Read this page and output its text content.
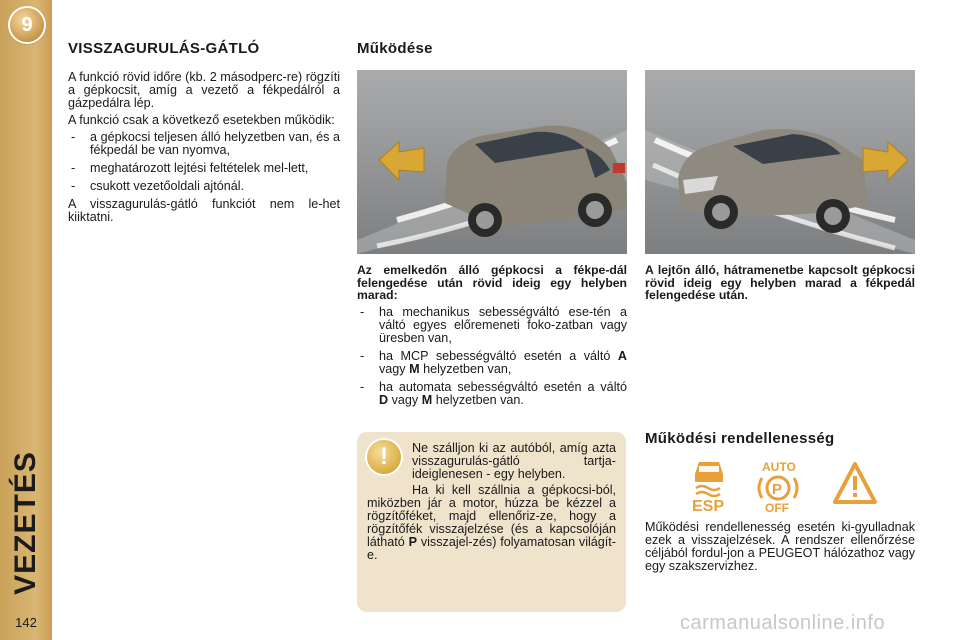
9
VEZETÉS
142
VISSZAGURULÁS-GÁTLÓ

A funkció rövid időre (kb. 2 másodperc-re) rögzíti a gépkocsit, amíg a vezető a fékpedálról a gázpedálra lép.

A funkció csak a következő esetekben működik:

- a gépkocsi teljesen álló helyzetben van, és a fékpedál be van nyomva,
- meghatározott lejtési feltételek mel-lett,
- csukott vezetőoldali ajtónál.

A visszagurulás-gátló funkciót nem le-het kiiktatni.

Működése
Az emelkedőn álló gépkocsi a fékpe-dál felengedése után rövid ideig egy helyben marad:
A lejtőn álló, hátramenetbe kapcsolt gépkocsi rövid ideig egy helyben marad a fékpedál felengedése után.
- ha mechanikus sebességváltó ese-tén a váltó egyes előremeneti foko-zatban vagy üresben van,
- ha MCP sebességváltó esetén a váltó A vagy M helyzetben van,
- ha automata sebességváltó esetén a váltó D vagy M helyzetben van.
!	Ne szálljon ki az autóból, amíg azta visszagurulás-gátló tartja-ideiglenesen - egy helyben.
Ha ki kell szállnia a gépkocsi-ból, miközben jár a motor, húzza be kézzel a rögzítőféket, majd ellenőriz-ze, hogy a rögzítőfék visszajelzése (és a kapcsolóján látható P visszajel-zés) folyamatosan világít-e.
Működési rendellenesség
ESP
AUTO
P
OFF

Működési rendellenesség esetén ki-gyulladnak ezek a visszajelzések. A rendszer ellenőrzése céljából fordul-jon a PEUGEOT hálózathoz vagy egy szakszervizhez.

carmanualsonline.info
